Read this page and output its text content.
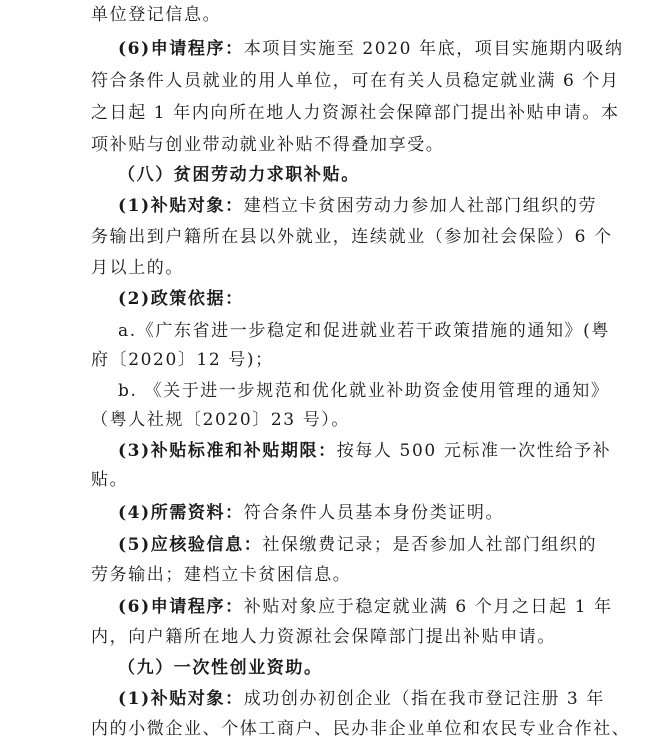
单位登记信息。
(6)申请程序：本项目实施至 2020 年底，项目实施期内吸纳
符合条件人员就业的用人单位，可在有关人员稳定就业满 6 个月
之日起 1 年内向所在地人力资源社会保障部门提出补贴申请。本
项补贴与创业带动就业补贴不得叠加享受。
（八）贫困劳动力求职补贴。
(1)补贴对象：建档立卡贫困劳动力参加人社部门组织的劳
务输出到户籍所在县以外就业，连续就业（参加社会保险）6 个
月以上的。
(2)政策依据：
a.《广东省进一步稳定和促进就业若干政策措施的通知》(粤
府〔2020〕12 号)；
b. 《关于进一步规范和优化就业补助资金使用管理的通知》
（粤人社规〔2020〕23 号）。
(3)补贴标准和补贴期限：按每人 500 元标准一次性给予补
贴。
(4)所需资料：符合条件人员基本身份类证明。
(5)应核验信息：社保缴费记录；是否参加人社部门组织的
劳务输出；建档立卡贫困信息。
(6)申请程序：补贴对象应于稳定就业满 6 个月之日起 1 年
内，向户籍所在地人力资源社会保障部门提出补贴申请。
（九）一次性创业资助。
(1)补贴对象：成功创办初创企业（指在我市登记注册 3 年
内的小微企业、个体工商户、民办非企业单位和农民专业合作社、
